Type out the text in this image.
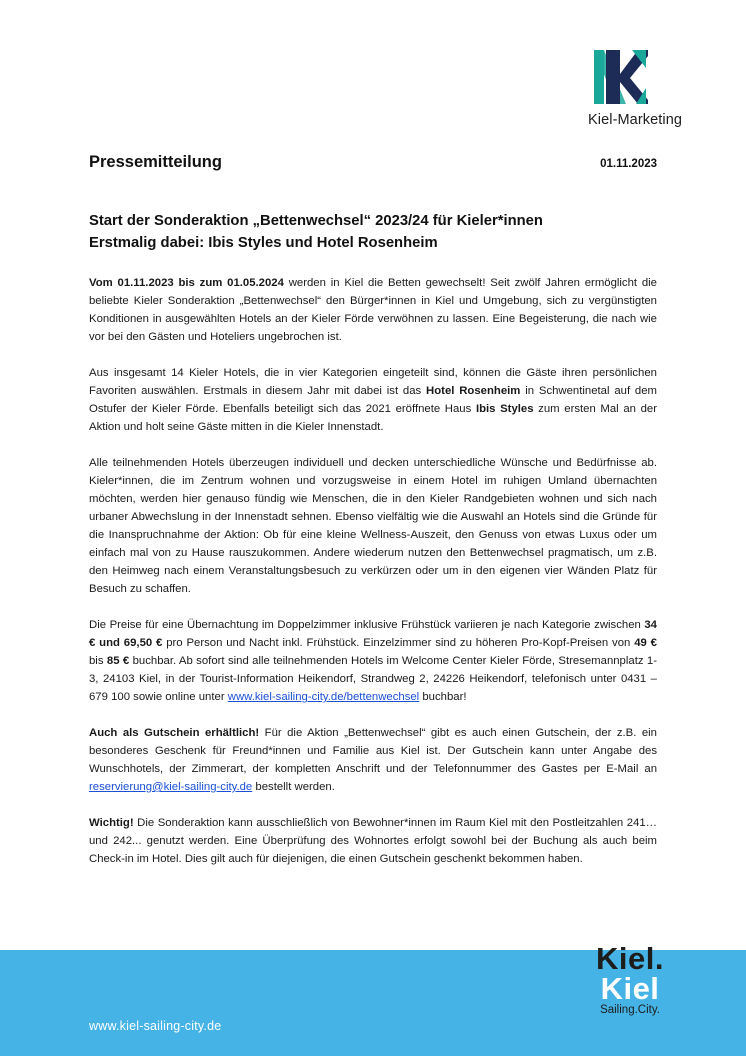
Kiel-Marketing
Pressemitteilung	01.11.2023
Start der Sonderaktion „Bettenwechsel“ 2023/24 für Kieler*innen
Erstmalig dabei: Ibis Styles und Hotel Rosenheim

Vom 01.11.2023 bis zum 01.05.2024 werden in Kiel die Betten gewechselt! Seit zwölf Jahren ermöglicht die beliebte Kieler Sonderaktion „Bettenwechsel“ den Bürger*innen in Kiel und Umgebung, sich zu vergünstigten Konditionen in ausgewählten Hotels an der Kieler Förde verwöhnen zu lassen. Eine Begeisterung, die nach wie vor bei den Gästen und Hoteliers ungebrochen ist.

Aus insgesamt 14 Kieler Hotels, die in vier Kategorien eingeteilt sind, können die Gäste ihren persönlichen Favoriten auswählen. Erstmals in diesem Jahr mit dabei ist das Hotel Rosenheim in Schwentinetal auf dem Ostufer der Kieler Förde. Ebenfalls beteiligt sich das 2021 eröffnete Haus Ibis Styles zum ersten Mal an der Aktion und holt seine Gäste mitten in die Kieler Innenstadt.

Alle teilnehmenden Hotels überzeugen individuell und decken unterschiedliche Wünsche und Bedürfnisse ab. Kieler*innen, die im Zentrum wohnen und vorzugsweise in einem Hotel im ruhigen Umland übernachten möchten, werden hier genauso fündig wie Menschen, die in den Kieler Randgebieten wohnen und sich nach urbaner Abwechslung in der Innenstadt sehnen. Ebenso vielfältig wie die Auswahl an Hotels sind die Gründe für die Inanspruchnahme der Aktion: Ob für eine kleine Wellness-Auszeit, den Genuss von etwas Luxus oder um einfach mal von zu Hause rauszukommen. Andere wiederum nutzen den Bettenwechsel pragmatisch, um z.B. den Heimweg nach einem Veranstaltungsbesuch zu verkürzen oder um in den eigenen vier Wänden Platz für Besuch zu schaffen.

Die Preise für eine Übernachtung im Doppelzimmer inklusive Frühstück variieren je nach Kategorie zwischen 34 € und 69,50 € pro Person und Nacht inkl. Frühstück. Einzelzimmer sind zu höheren Pro-Kopf-Preisen von 49 € bis 85 € buchbar. Ab sofort sind alle teilnehmenden Hotels im Welcome Center Kieler Förde, Stresemannplatz 1-3, 24103 Kiel, in der Tourist-Information Heikendorf, Strandweg 2, 24226 Heikendorf, telefonisch unter 0431 – 679 100 sowie online unter www.kiel-sailing-city.de/bettenwechsel buchbar!

Auch als Gutschein erhältlich! Für die Aktion „Bettenwechsel“ gibt es auch einen Gutschein, der z.B. ein besonderes Geschenk für Freund*innen und Familie aus Kiel ist. Der Gutschein kann unter Angabe des Wunschhotels, der Zimmerart, der kompletten Anschrift und der Telefonnummer des Gastes per E-Mail an reservierung@kiel-sailing-city.de bestellt werden.

Wichtig! Die Sonderaktion kann ausschließlich von Bewohner*innen im Raum Kiel mit den Postleitzahlen 241… und 242... genutzt werden. Eine Überprüfung des Wohnortes erfolgt sowohl bei der Buchung als auch beim Check-in im Hotel. Dies gilt auch für diejenigen, die einen Gutschein geschenkt bekommen haben.

www.kiel-sailing-city.de
Kiel.
Kiel
Sailing.City.
